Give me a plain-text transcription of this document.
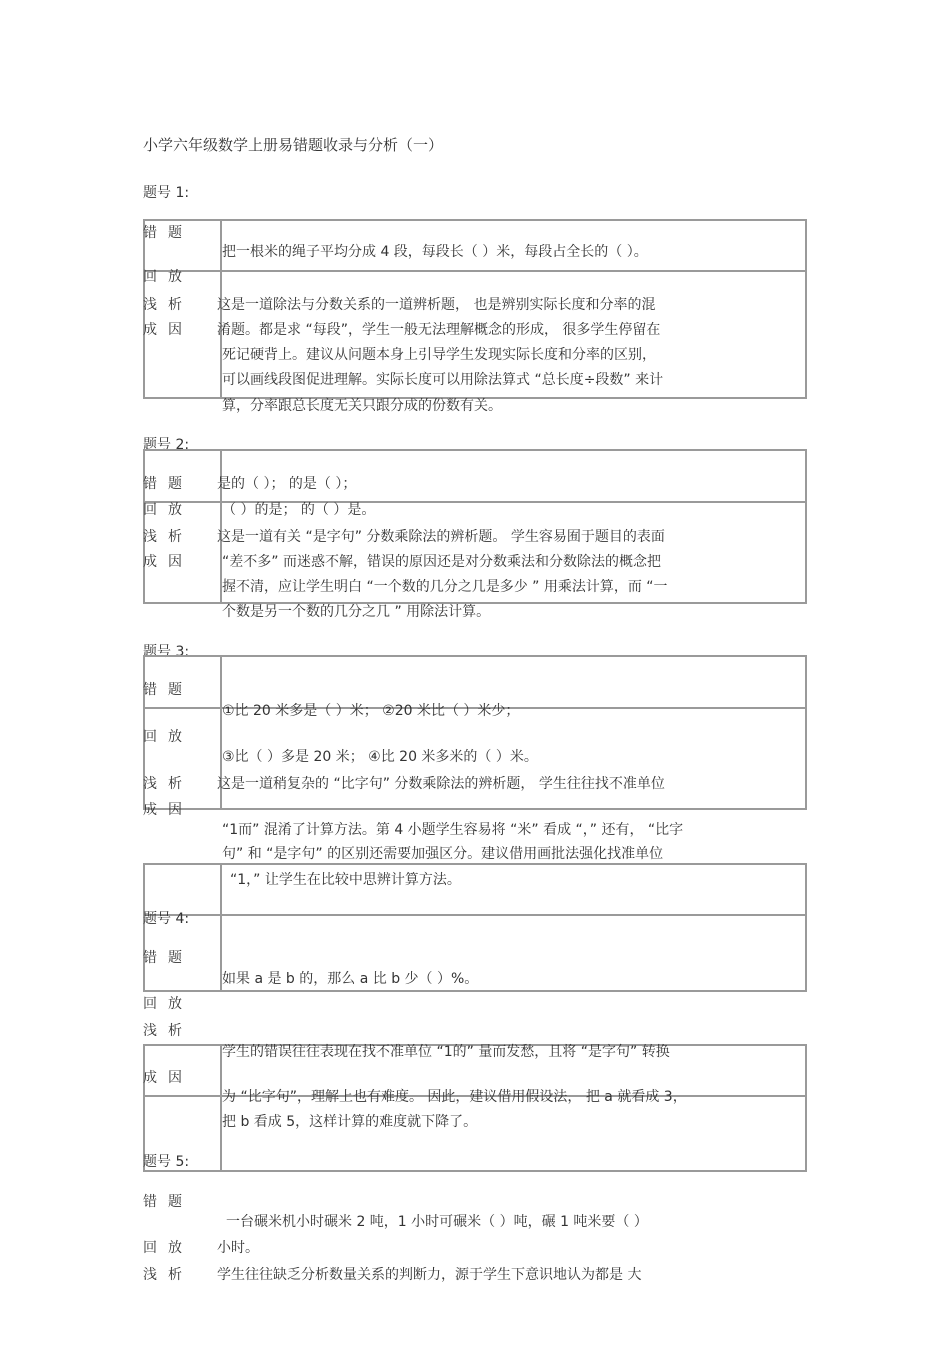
小学六年级数学上册易错题收录与分析（一）
题号 1:
错题
回放
浅析
成因
把一根米的绳子平均分成 4 段，每段长（ ）米，每段占全长的（ ）。
这是一道除法与分数关系的一道辨析题， 也是辨别实际长度和分率的混
淆题。都是求 “每段”，学生一般无法理解概念的形成， 很多学生停留在
死记硬背上。建议从问题本身上引导学生发现实际长度和分率的区别，
可以画线段图促进理解。实际长度可以用除法算式 “总长度÷段数” 来计
算，分率跟总长度无关只跟分成的份数有关。
题号 2:
错题
回放
浅析
成因
是的（ ）； 的是（ ）；
（ ）的是； 的（ ）是。
这是一道有关 “是字句” 分数乘除法的辨析题。 学生容易囿于题目的表面
“差不多” 而迷惑不解，错误的原因还是对分数乘法和分数除法的概念把
握不清，应让学生明白 “一个数的几分之几是多少 ” 用乘法计算，而 “一
个数是另一个数的几分之几 ” 用除法计算。
题号 3:
错题
回放
浅析
成因
①比 20 米多是（ ）米； ②20 米比（ ）米少；
③比（ ）多是 20 米； ④比 20 米多米的（ ）米。
这是一道稍复杂的 “比字句” 分数乘除法的辨析题， 学生往往找不准单位
“1而” 混淆了计算方法。第 4 小题学生容易将 “米” 看成 “，” 还有， “比字
句” 和 “是字句” 的区别还需要加强区分。建议借用画批法强化找准单位
“1，” 让学生在比较中思辨计算方法。
题号 4:
错题
如果 a 是 b 的，那么 a 比 b 少（ ）%。
回放
浅析
学生的错误往往表现在找不准单位 “1的” 量而发愁，且将 “是字句” 转换
成因
为 “比字句”，理解上也有难度。 因此，建议借用假设法， 把 a 就看成 3，
把 b 看成 5，这样计算的难度就下降了。
题号 5:
错题
一台碾米机小时碾米 2 吨，1 小时可碾米（ ）吨，碾 1 吨米要（ ）
回放 小时。
浅析 学生往往缺乏分析数量关系的判断力，源于学生下意识地认为都是 大
